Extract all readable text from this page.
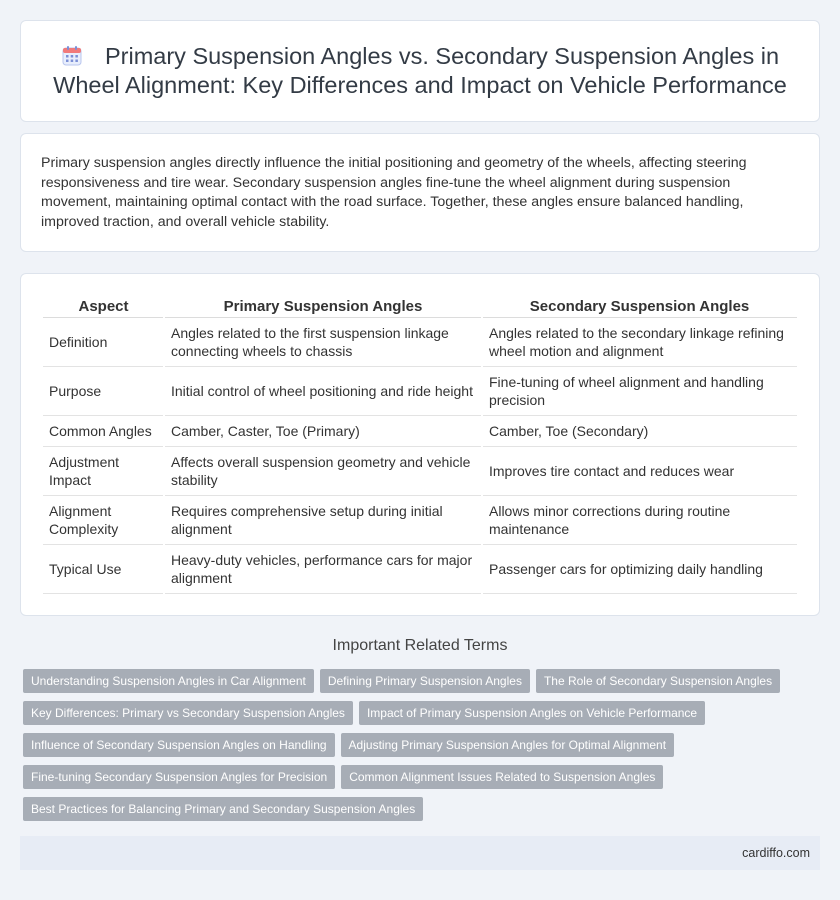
Primary Suspension Angles vs. Secondary Suspension Angles in Wheel Alignment: Key Differences and Impact on Vehicle Performance

Primary suspension angles directly influence the initial positioning and geometry of the wheels, affecting steering responsiveness and tire wear. Secondary suspension angles fine-tune the wheel alignment during suspension movement, maintaining optimal contact with the road surface. Together, these angles ensure balanced handling, improved traction, and overall vehicle stability.

Aspect	Primary Suspension Angles	Secondary Suspension Angles
Definition	Angles related to the first suspension linkage connecting wheels to chassis	Angles related to the secondary linkage refining wheel motion and alignment
Purpose	Initial control of wheel positioning and ride height	Fine-tuning of wheel alignment and handling precision
Common Angles	Camber, Caster, Toe (Primary)	Camber, Toe (Secondary)
Adjustment Impact	Affects overall suspension geometry and vehicle stability	Improves tire contact and reduces wear
Alignment Complexity	Requires comprehensive setup during initial alignment	Allows minor corrections during routine maintenance
Typical Use	Heavy-duty vehicles, performance cars for major alignment	Passenger cars for optimizing daily handling
Important Related Terms
Understanding Suspension Angles in Car Alignment	Defining Primary Suspension Angles	The Role of Secondary Suspension Angles
Key Differences: Primary vs Secondary Suspension Angles	Impact of Primary Suspension Angles on Vehicle Performance
Influence of Secondary Suspension Angles on Handling	Adjusting Primary Suspension Angles for Optimal Alignment
Fine-tuning Secondary Suspension Angles for Precision	Common Alignment Issues Related to Suspension Angles
Best Practices for Balancing Primary and Secondary Suspension Angles
cardiffo.com
